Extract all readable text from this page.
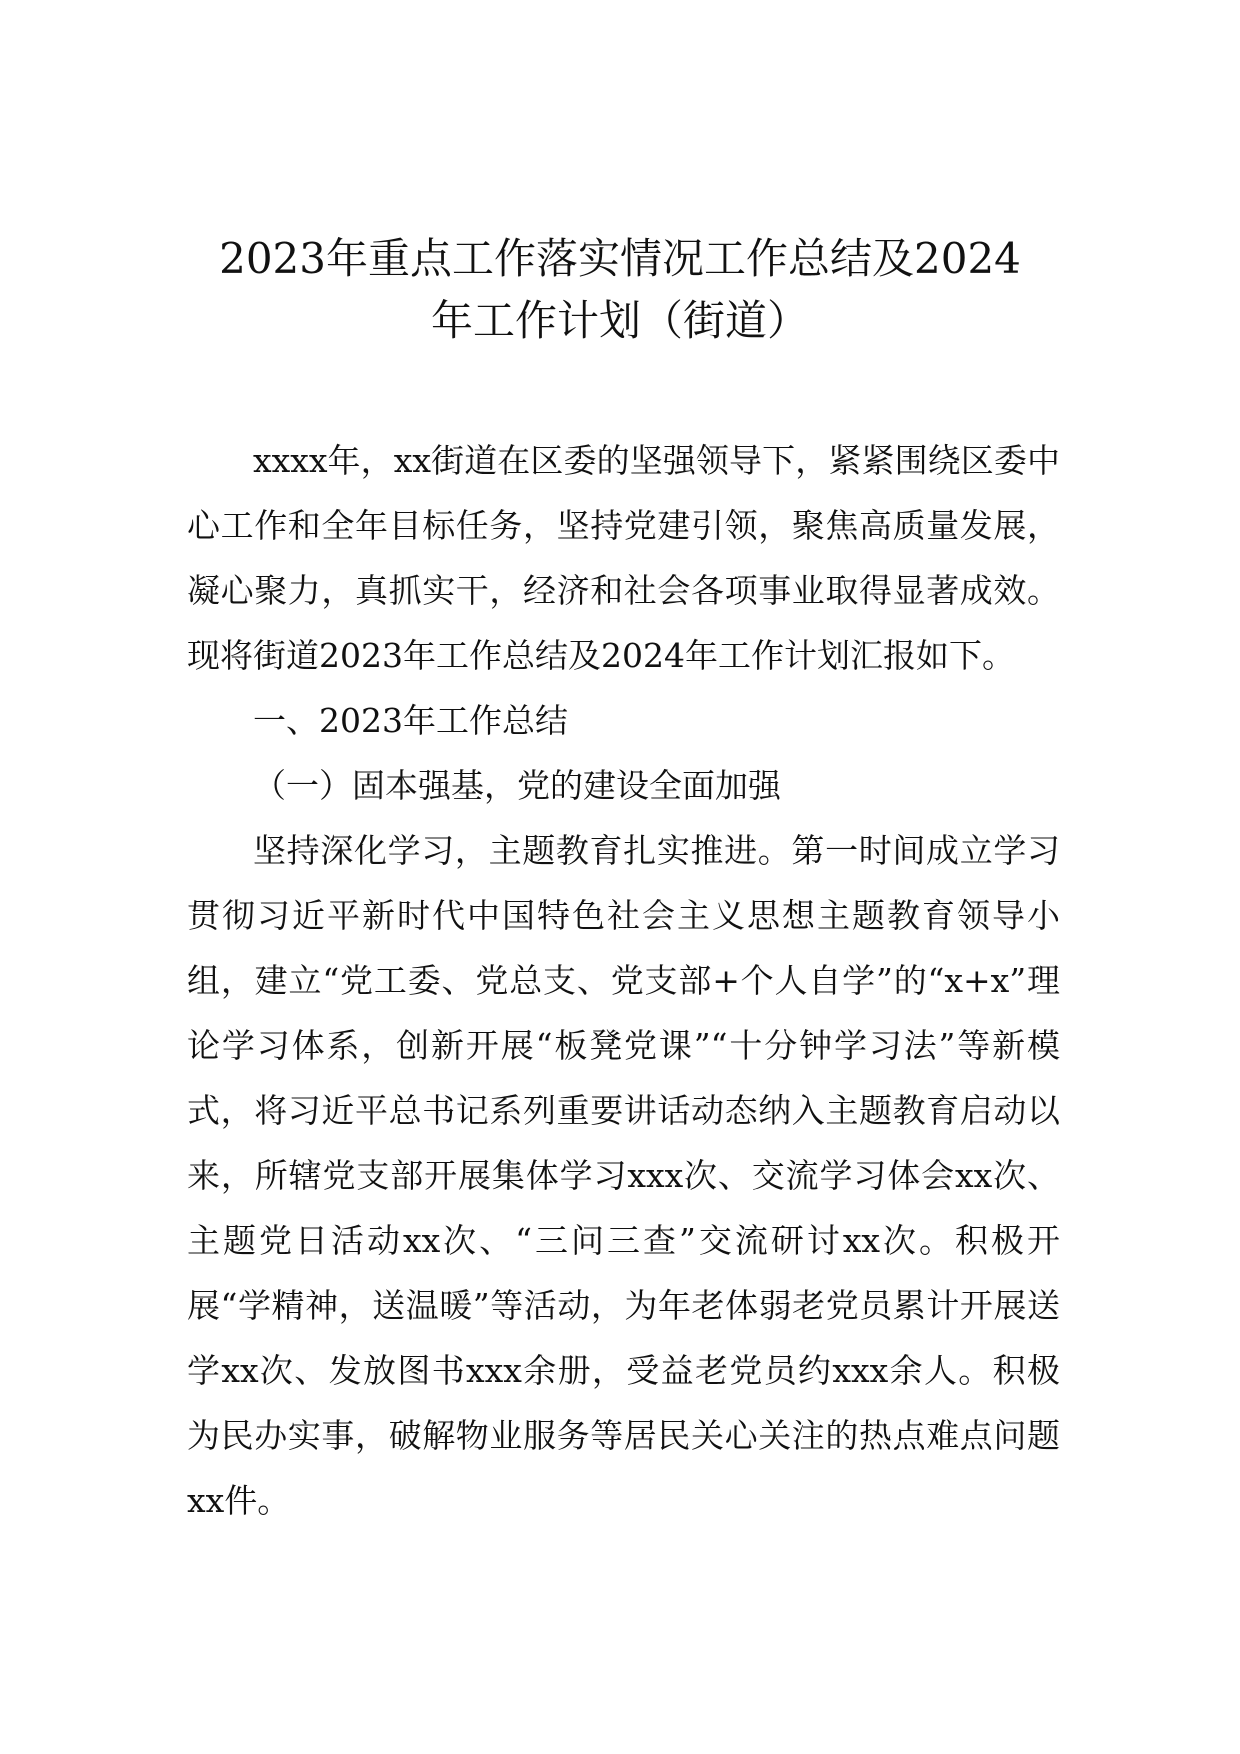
2023年重点工作落实情况工作总结及2024
年工作计划（街道）

xxxx年，xx街道在区委的坚强领导下，紧紧围绕区委中心工作和全年目标任务，坚持党建引领，聚焦高质量发展，凝心聚力，真抓实干，经济和社会各项事业取得显著成效。现将街道2023年工作总结及2024年工作计划汇报如下。

一、2023年工作总结

（一）固本强基，党的建设全面加强

坚持深化学习，主题教育扎实推进。第一时间成立学习贯彻习近平新时代中国特色社会主义思想主题教育领导小组，建立“党工委、党总支、党支部+个人自学”的“x+x”理论学习体系，创新开展“板凳党课”“十分钟学习法”等新模式，将习近平总书记系列重要讲话动态纳入主题教育启动以来，所辖党支部开展集体学习xxx次、交流学习体会xx次、主题党日活动xx次、“三问三查”交流研讨xx次。积极开展“学精神，送温暖”等活动，为年老体弱老党员累计开展送学xx次、发放图书xxx余册，受益老党员约xxx余人。积极为民办实事，破解物业服务等居民关心关注的热点难点问题xx件。
